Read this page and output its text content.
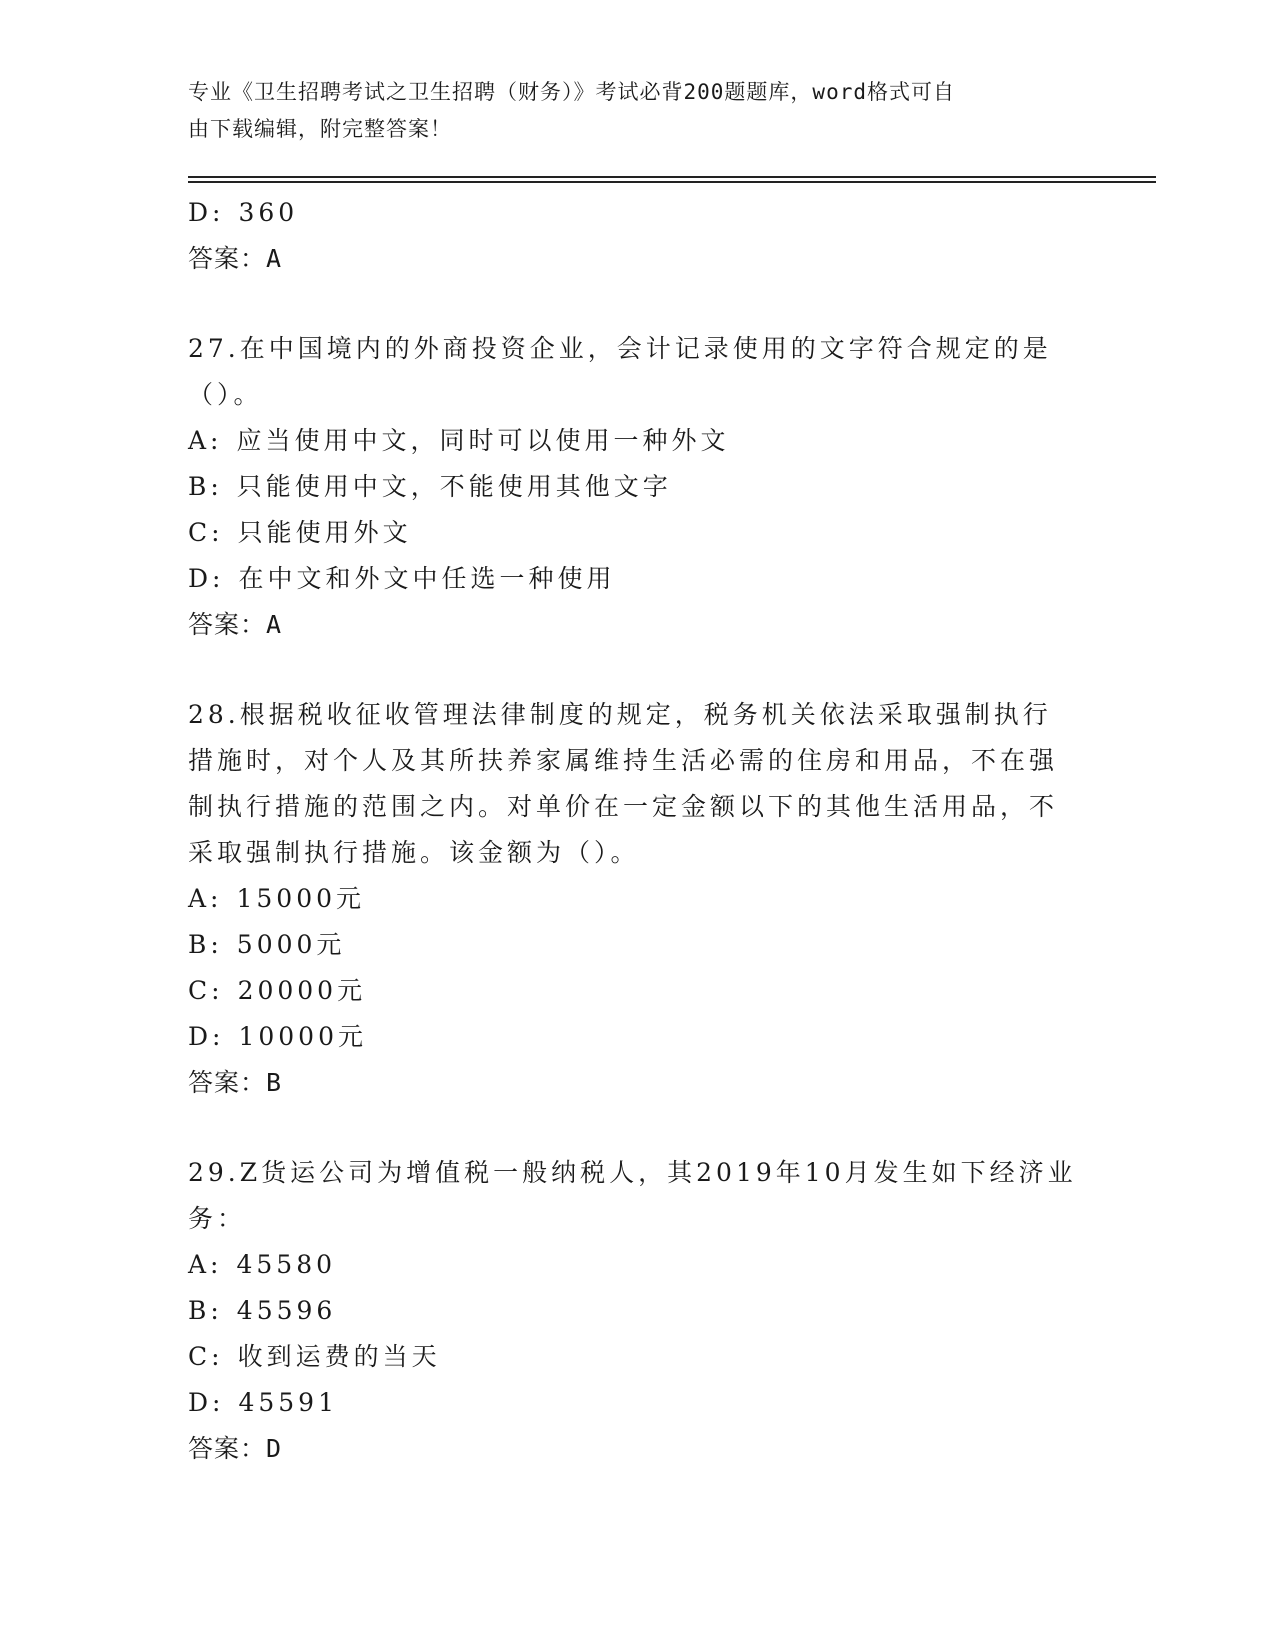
专业《卫生招聘考试之卫生招聘（财务）》考试必背200题题库，word格式可自
由下载编辑，附完整答案！
D: 360
答案：A
27.在中国境内的外商投资企业，会计记录使用的文字符合规定的是（）。
A: 应当使用中文，同时可以使用一种外文
B: 只能使用中文，不能使用其他文字
C: 只能使用外文
D: 在中文和外文中任选一种使用
答案：A
28.根据税收征收管理法律制度的规定，税务机关依法采取强制执行措施时，对个人及其所扶养家属维持生活必需的住房和用品，不在强制执行措施的范围之内。对单价在一定金额以下的其他生活用品，不采取强制执行措施。该金额为（）。
A: 15000元
B: 5000元
C: 20000元
D: 10000元
答案：B
29.Z货运公司为增值税一般纳税人，其2019年10月发生如下经济业务：
A: 45580
B: 45596
C: 收到运费的当天
D: 45591
答案：D
